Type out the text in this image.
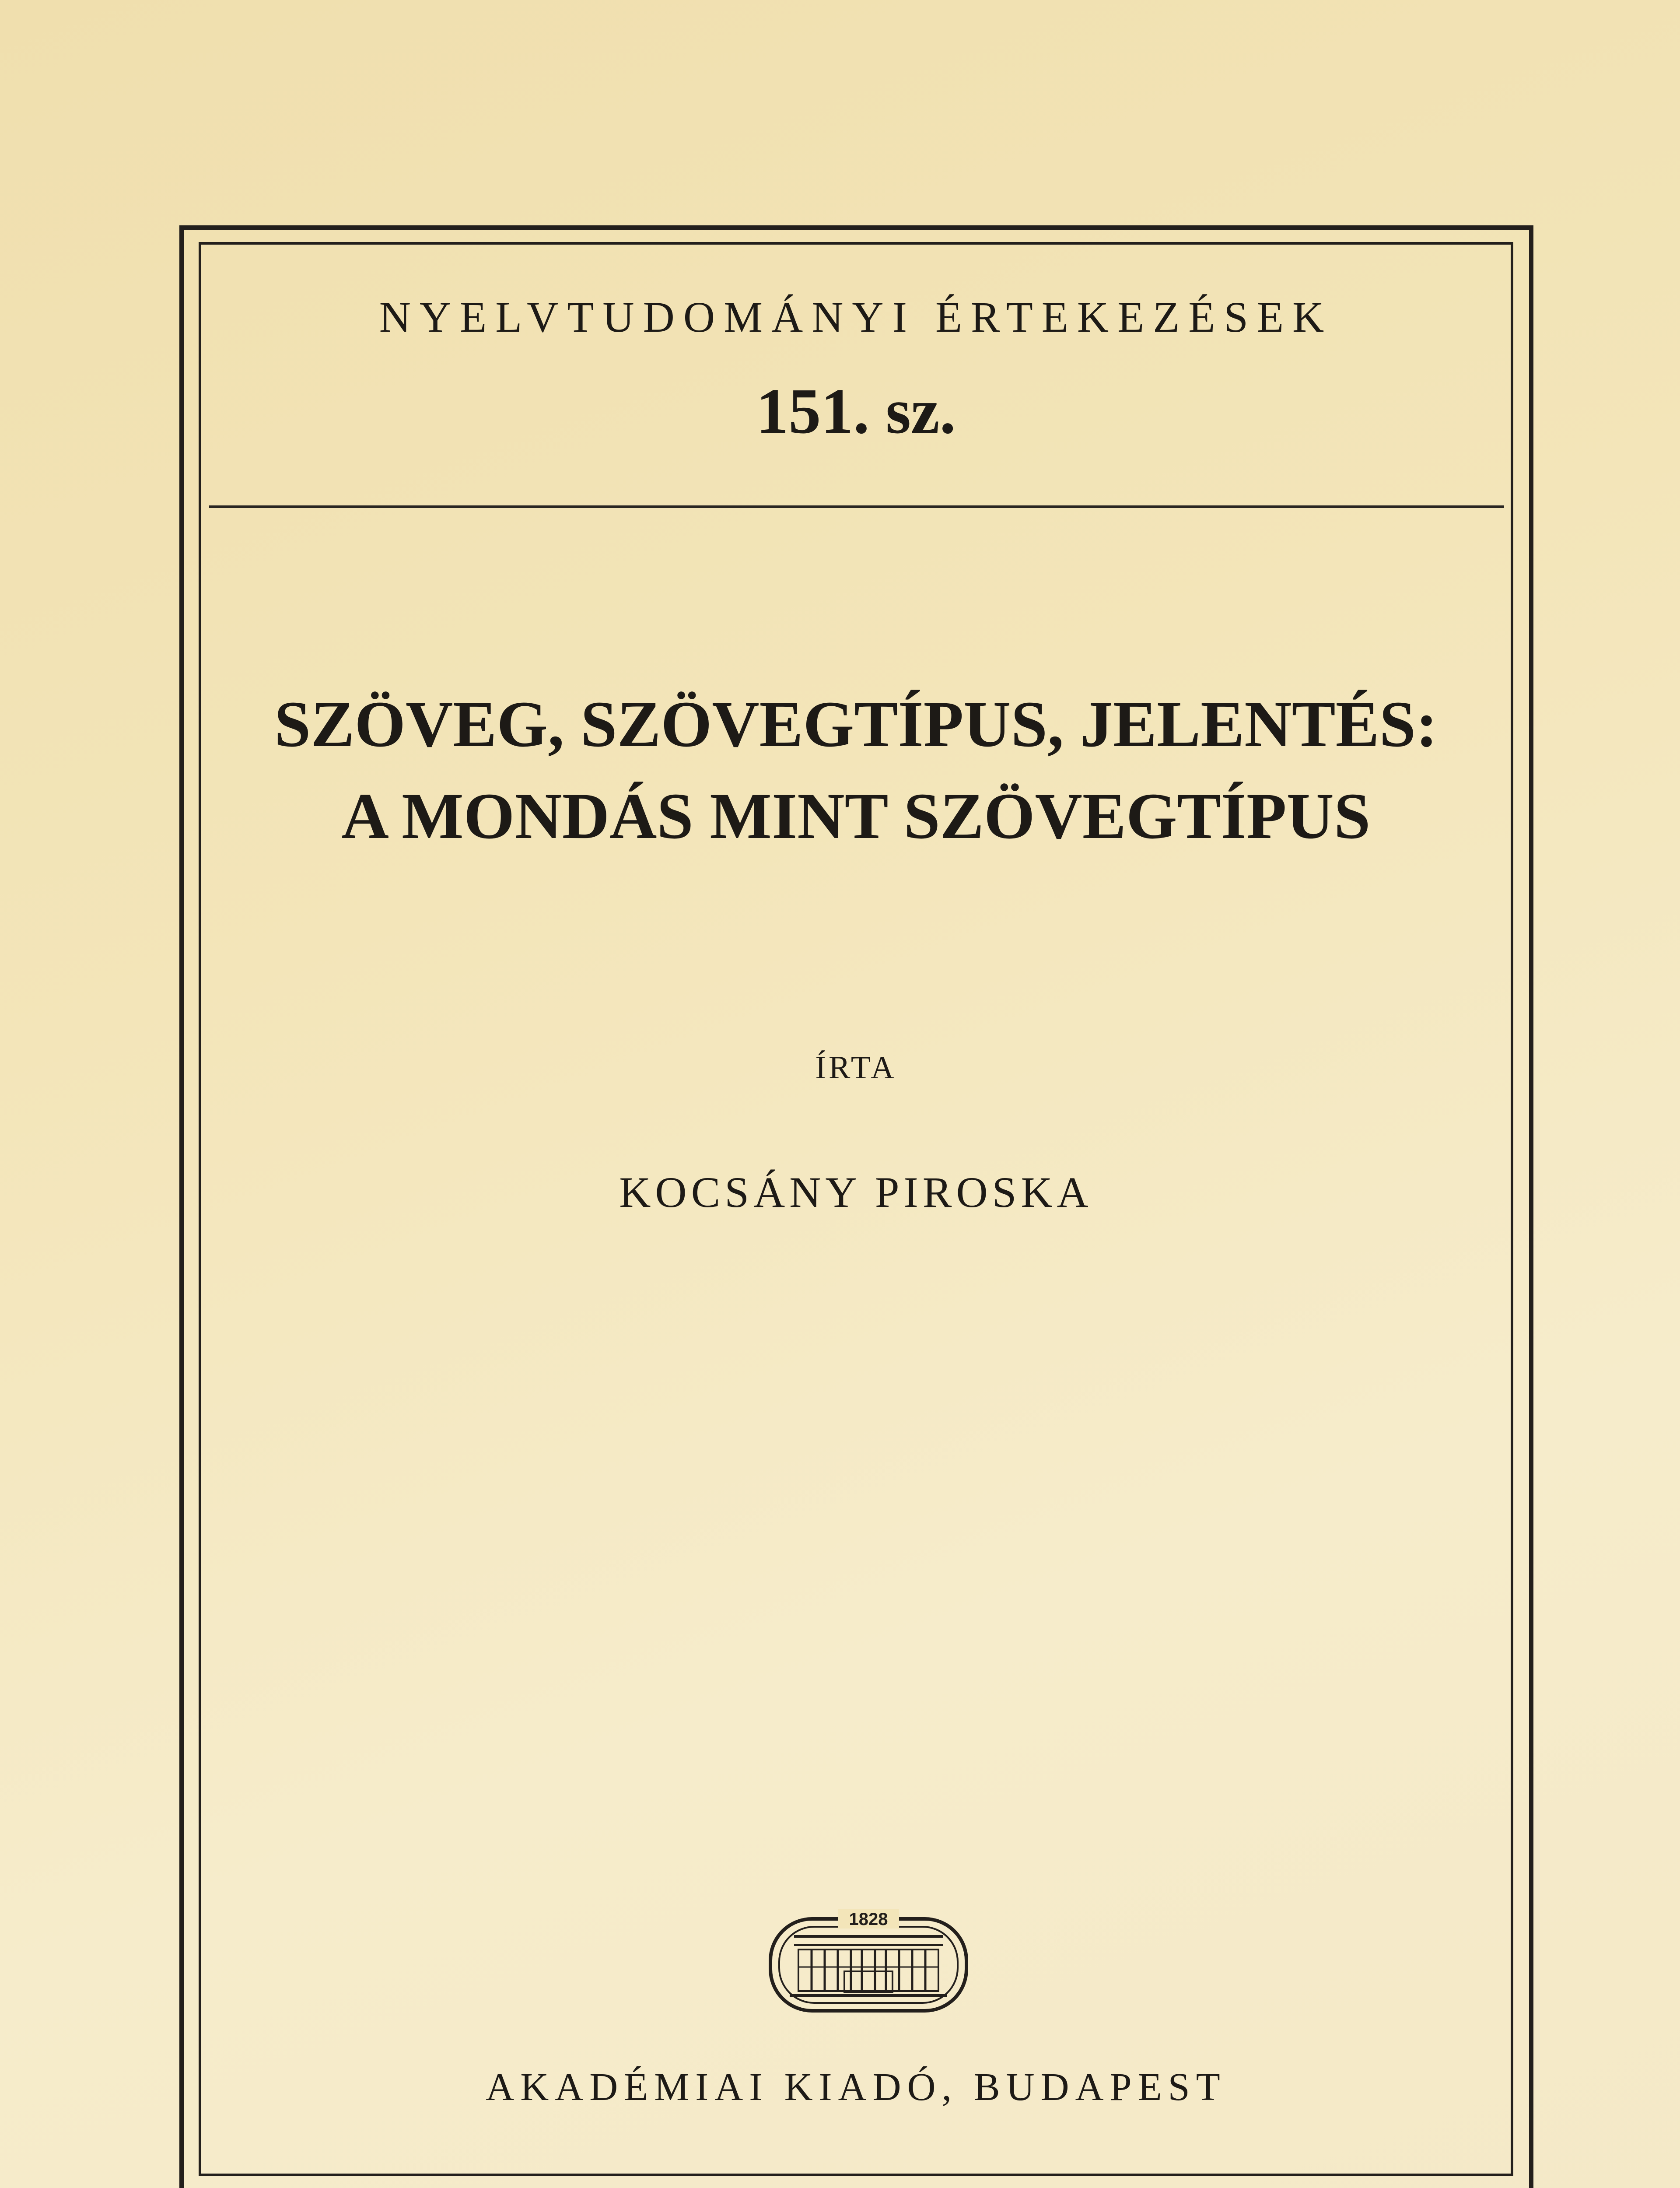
NYELVTUDOMÁNYI ÉRTEKEZÉSEK
151. sz.
SZÖVEG, SZÖVEGTÍPUS, JELENTÉS:
A MONDÁS MINT SZÖVEGTÍPUS
ÍRTA
KOCSÁNY PIROSKA
1828
AKADÉMIAI KIADÓ, BUDAPEST
